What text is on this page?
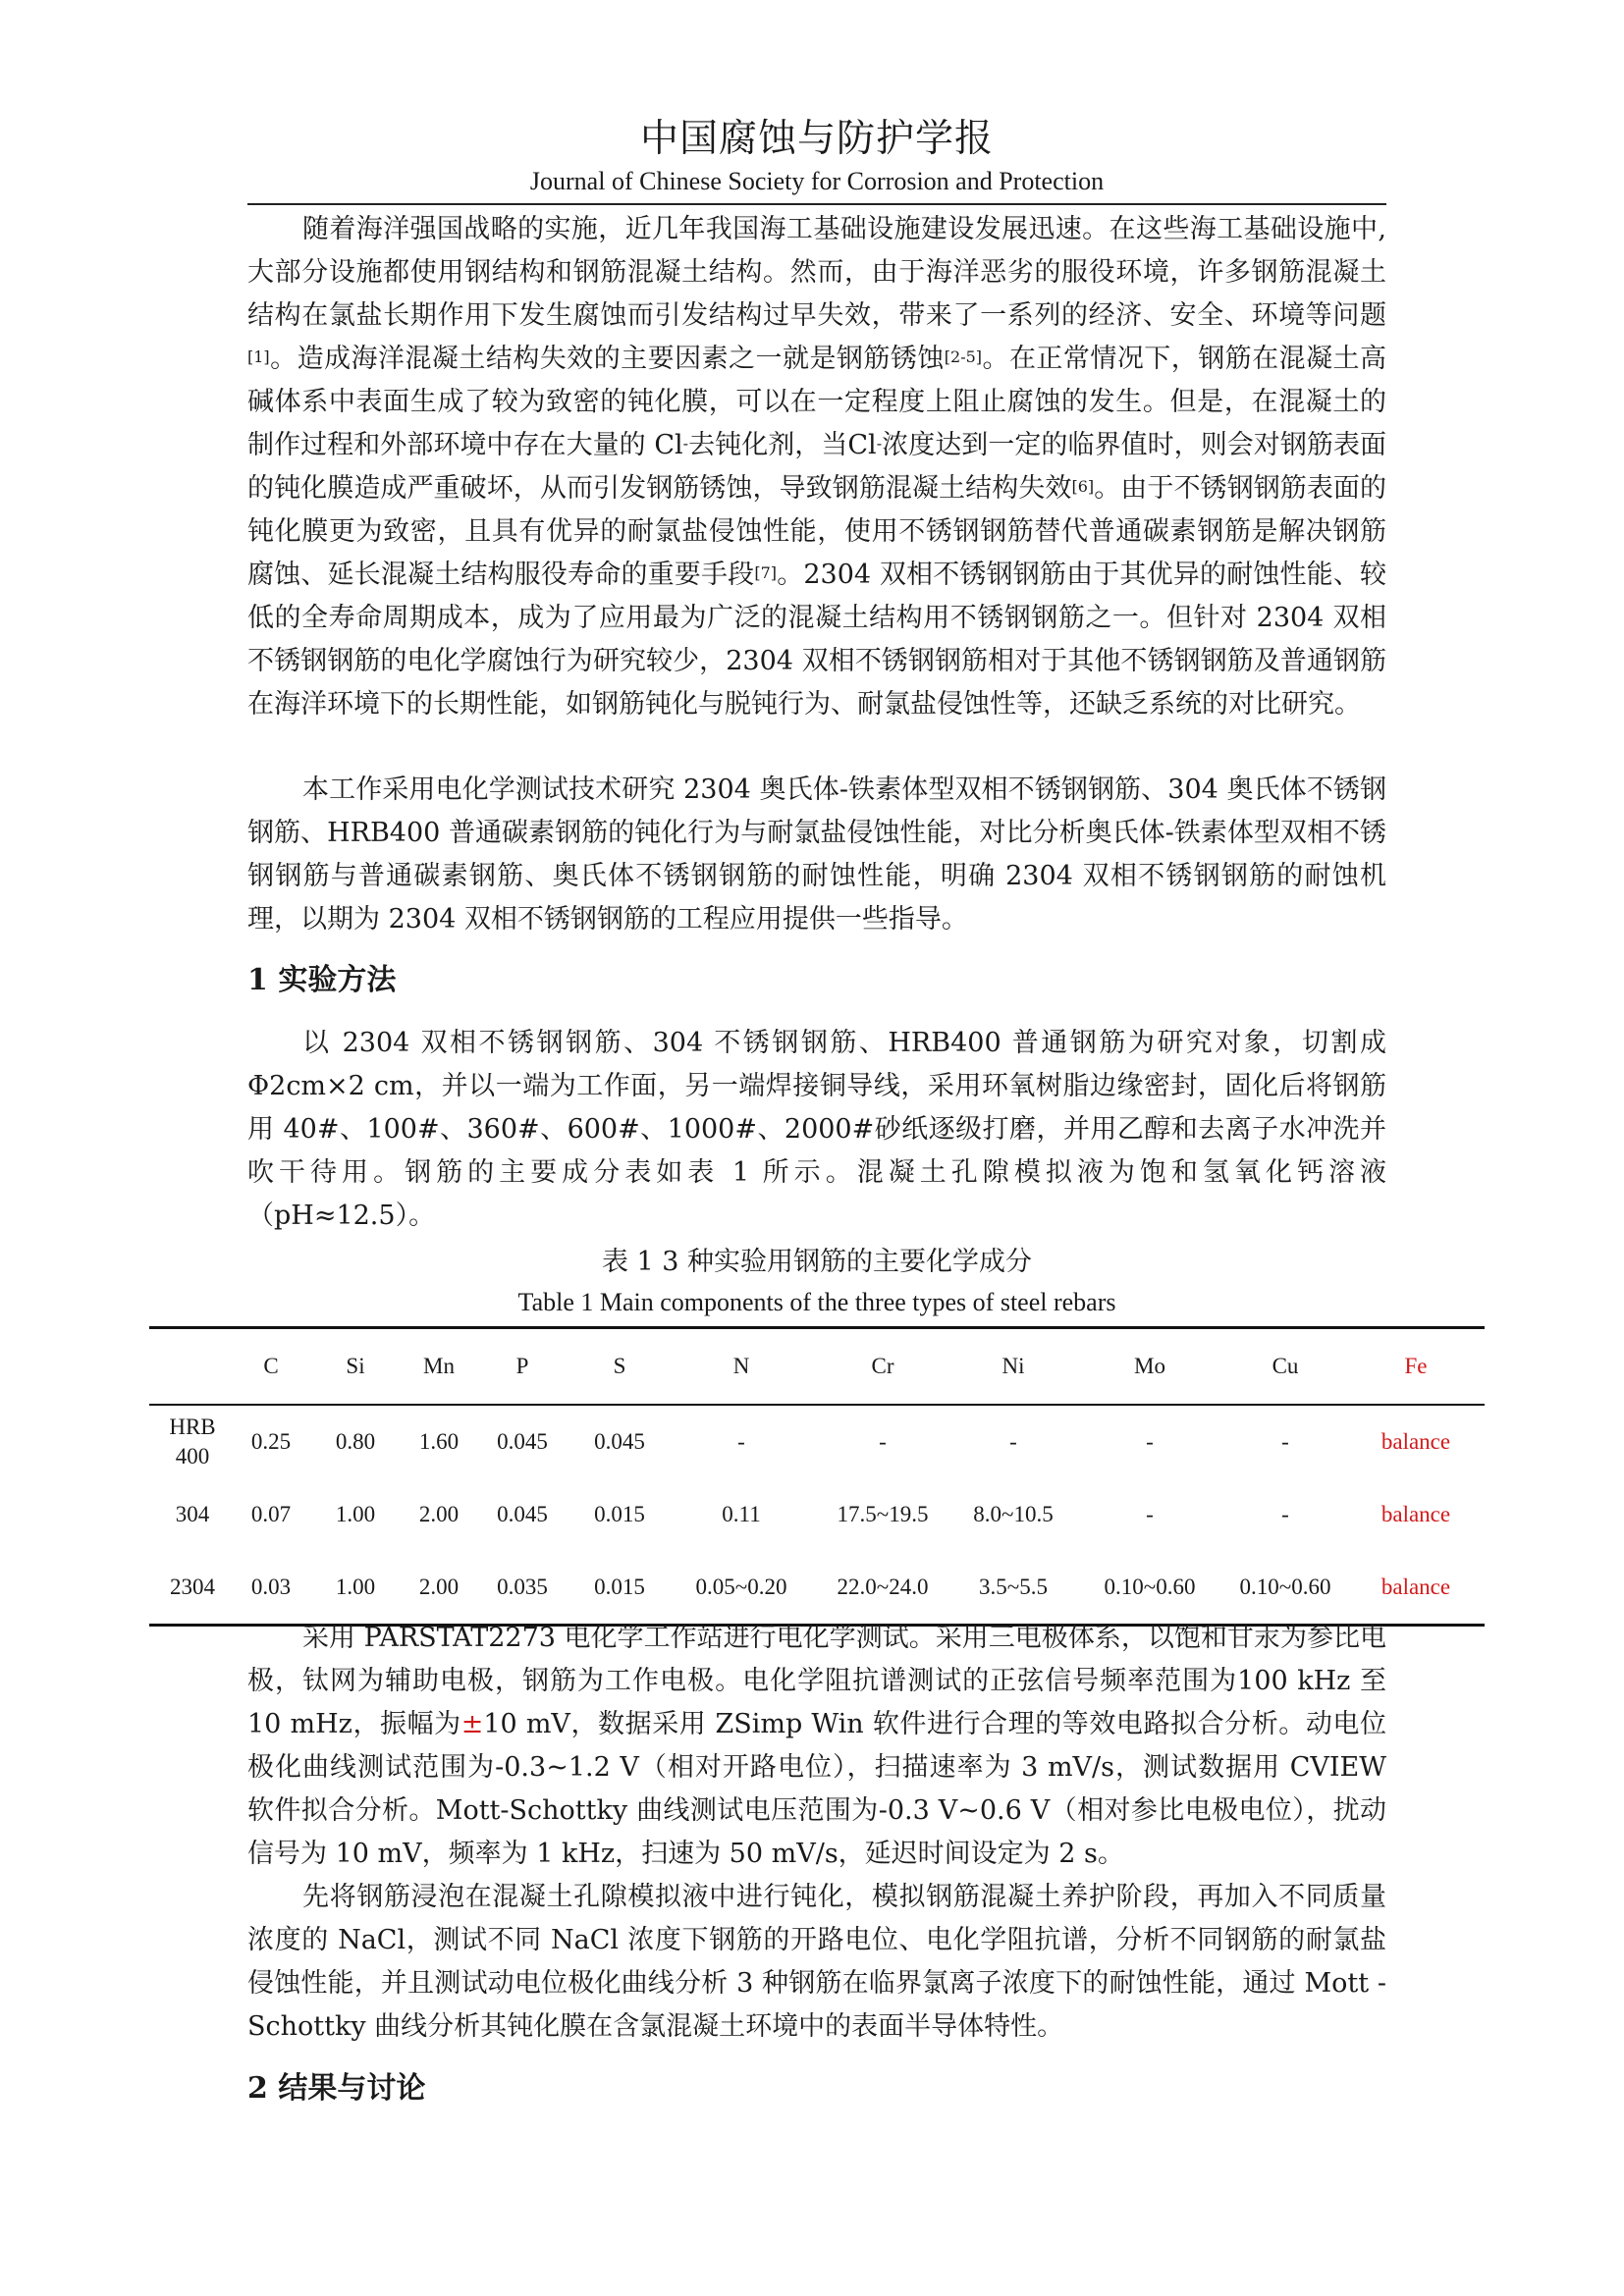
中国腐蚀与防护学报
Journal of Chinese Society for Corrosion and Protection

随着海洋强国战略的实施，近几年我国海工基础设施建设发展迅速。在这些海工基础设施中,大部分设施都使用钢结构和钢筋混凝土结构。然而，由于海洋恶劣的服役环境，许多钢筋混凝土结构在氯盐长期作用下发生腐蚀而引发结构过早失效，带来了一系列的经济、安全、环境等问题[1]。造成海洋混凝土结构失效的主要因素之一就是钢筋锈蚀[2-5]。在正常情况下，钢筋在混凝土高碱体系中表面生成了较为致密的钝化膜，可以在一定程度上阻止腐蚀的发生。但是，在混凝土的制作过程和外部环境中存在大量的 Cl-去钝化剂，当Cl-浓度达到一定的临界值时，则会对钢筋表面的钝化膜造成严重破坏，从而引发钢筋锈蚀，导致钢筋混凝土结构失效[6]。由于不锈钢钢筋表面的钝化膜更为致密，且具有优异的耐氯盐侵蚀性能，使用不锈钢钢筋替代普通碳素钢筋是解决钢筋腐蚀、延长混凝土结构服役寿命的重要手段[7]。2304 双相不锈钢钢筋由于其优异的耐蚀性能、较低的全寿命周期成本，成为了应用最为广泛的混凝土结构用不锈钢钢筋之一。但针对 2304 双相不锈钢钢筋的电化学腐蚀行为研究较少，2304 双相不锈钢钢筋相对于其他不锈钢钢筋及普通钢筋在海洋环境下的长期性能，如钢筋钝化与脱钝行为、耐氯盐侵蚀性等，还缺乏系统的对比研究。

本工作采用电化学测试技术研究 2304 奥氏体-铁素体型双相不锈钢钢筋、304 奥氏体不锈钢钢筋、HRB400 普通碳素钢筋的钝化行为与耐氯盐侵蚀性能，对比分析奥氏体-铁素体型双相不锈钢钢筋与普通碳素钢筋、奥氏体不锈钢钢筋的耐蚀性能，明确 2304 双相不锈钢钢筋的耐蚀机理，以期为 2304 双相不锈钢钢筋的工程应用提供一些指导。

1 实验方法

以 2304 双相不锈钢钢筋、304 不锈钢钢筋、HRB400 普通钢筋为研究对象，切割成Φ2cm×2 cm，并以一端为工作面，另一端焊接铜导线，采用环氧树脂边缘密封，固化后将钢筋用 40#、100#、360#、600#、1000#、2000#砂纸逐级打磨，并用乙醇和去离子水冲洗并吹干待用。钢筋的主要成分表如表 1 所示。混凝土孔隙模拟液为饱和氢氧化钙溶液（pH≈12.5）。

表 1 3 种实验用钢筋的主要化学成分
Table 1 Main components of the three types of steel rebars
	C	Si	Mn	P	S	N	Cr	Ni	Mo	Cu	Fe
HRB 400	0.25	0.80	1.60	0.045	0.045	-	-	-	-	-	balance
304	0.07	1.00	2.00	0.045	0.015	0.11	17.5~19.5	8.0~10.5	-	-	balance
2304	0.03	1.00	2.00	0.035	0.015	0.05~0.20	22.0~24.0	3.5~5.5	0.10~0.60	0.10~0.60	balance

采用 PARSTAT2273 电化学工作站进行电化学测试。采用三电极体系，以饱和甘汞为参比电极，钛网为辅助电极，钢筋为工作电极。电化学阻抗谱测试的正弦信号频率范围为100 kHz 至 10 mHz，振幅为±10 mV，数据采用 ZSimp Win 软件进行合理的等效电路拟合分析。动电位极化曲线测试范围为-0.3~1.2 V（相对开路电位），扫描速率为 3 mV/s，测试数据用 CVIEW 软件拟合分析。Mott-Schottky 曲线测试电压范围为-0.3 V~0.6 V（相对参比电极电位），扰动信号为 10 mV，频率为 1 kHz，扫速为 50 mV/s，延迟时间设定为 2 s。

先将钢筋浸泡在混凝土孔隙模拟液中进行钝化，模拟钢筋混凝土养护阶段，再加入不同质量浓度的 NaCl，测试不同 NaCl 浓度下钢筋的开路电位、电化学阻抗谱，分析不同钢筋的耐氯盐侵蚀性能，并且测试动电位极化曲线分析 3 种钢筋在临界氯离子浓度下的耐蚀性能，通过 Mott -Schottky 曲线分析其钝化膜在含氯混凝土环境中的表面半导体特性。

2 结果与讨论
